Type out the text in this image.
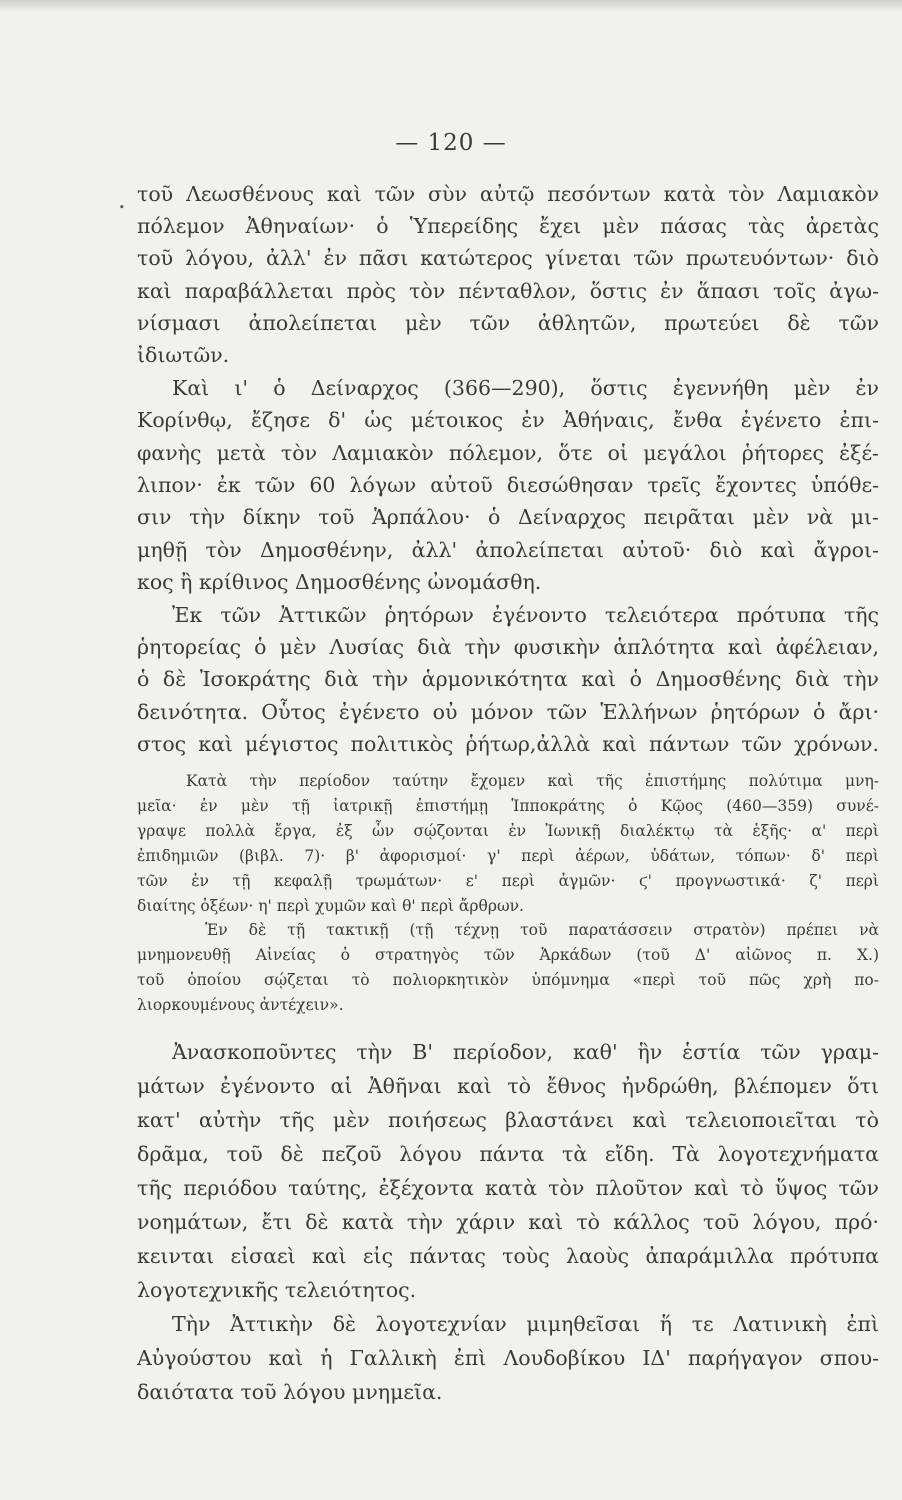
— 120 —
. τοῦ Λεωσθένους καὶ τῶν σὺν αὐτῷ πεσόντων κατὰ τὸν Λαμιακὸν
πόλεμον Ἀθηναίων· ὁ Ὑπερείδης ἔχει μὲν πάσας τὰς ἀρετὰς
τοῦ λόγου, ἀλλ' ἐν πᾶσι κατώτερος γίνεται τῶν πρωτευόντων· διὸ
καὶ παραβάλλεται πρὸς τὸν πένταθλον, ὅστις ἐν ἅπασι τοῖς ἀγω-
νίσμασι ἀπολείπεται μὲν τῶν ἀθλητῶν, πρωτεύει δὲ τῶν
ἰδιωτῶν.
Καὶ ι' ὁ Δείναρχος (366—290), ὅστις ἐγεννήθη μὲν ἐν
Κορίνθῳ, ἔζησε δ' ὡς μέτοικος ἐν Ἀθήναις, ἔνθα ἐγένετο ἐπι-
φανὴς μετὰ τὸν Λαμιακὸν πόλεμον, ὅτε οἱ μεγάλοι ῥήτορες ἐξέ-
λιπον· ἐκ τῶν 60 λόγων αὐτοῦ διεσώθησαν τρεῖς ἔχοντες ὑπόθε-
σιν τὴν δίκην τοῦ Ἁρπάλου· ὁ Δείναρχος πειρᾶται μὲν νὰ μι-
μηθῇ τὸν Δημοσθένην, ἀλλ' ἀπολείπεται αὐτοῦ· διὸ καὶ ἄγροι-
κος ἢ κρίθινος Δημοσθένης ὠνομάσθη.
Ἐκ τῶν Ἀττικῶν ῥητόρων ἐγένοντο τελειότερα πρότυπα τῆς
ῥητορείας ὁ μὲν Λυσίας διὰ τὴν φυσικὴν ἁπλότητα καὶ ἀφέλειαν,
ὁ δὲ Ἰσοκράτης διὰ τὴν ἁρμονικότητα καὶ ὁ Δημοσθένης διὰ τὴν
δεινότητα. Οὗτος ἐγένετο οὐ μόνον τῶν Ἑλλήνων ῥητόρων ὁ ἄρι·
στος καὶ μέγιστος πολιτικὸς ῥήτωρ,ἀλλὰ καὶ πάντων τῶν χρόνων.
Κατὰ τὴν περίοδον ταύτην ἔχομεν καὶ τῆς ἐπιστήμης πολύτιμα μνη-
μεῖα· ἐν μὲν τῇ ἰατρικῇ ἐπιστήμῃ Ἱπποκράτης ὁ Κῷος (460—359) συνέ-
γραψε πολλὰ ἔργα, ἐξ ὧν σῴζονται ἐν Ἰωνικῇ διαλέκτῳ τὰ ἑξῆς· α' περὶ
ἐπιδημιῶν (βιβλ. 7)· β' ἀφορισμοί· γ' περὶ ἀέρων, ὑδάτων, τόπων· δ' περὶ
τῶν ἐν τῇ κεφαλῇ τρωμάτων· ε' περὶ ἀγμῶν· ϛ' προγνωστικά· ζ' περὶ
διαίτης ὀξέων· η' περὶ χυμῶν καὶ θ' περὶ ἄρθρων.
Ἐν δὲ τῇ τακτικῇ (τῇ τέχνῃ τοῦ παρατάσσειν στρατὸν) πρέπει νὰ
μνημονευθῇ Αἰνείας ὁ στρατηγὸς τῶν Ἀρκάδων (τοῦ Δ' αἰῶνος π. Χ.)
τοῦ ὁποίου σῴζεται τὸ πολιορκητικὸν ὑπόμνημα «περὶ τοῦ πῶς χρὴ πο-
λιορκουμένους ἀντέχειν».
Ἀνασκοποῦντες τὴν Β' περίοδον, καθ' ἣν ἑστία τῶν γραμ-
μάτων ἐγένοντο αἱ Ἀθῆναι καὶ τὸ ἔθνος ἠνδρώθη, βλέπομεν ὅτι
κατ' αὐτὴν τῆς μὲν ποιήσεως βλαστάνει καὶ τελειοποιεῖται τὸ
δρᾶμα, τοῦ δὲ πεζοῦ λόγου πάντα τὰ εἴδη. Τὰ λογοτεχνήματα
τῆς περιόδου ταύτης, ἐξέχοντα κατὰ τὸν πλοῦτον καὶ τὸ ὕψος τῶν
νοημάτων, ἔτι δὲ κατὰ τὴν χάριν καὶ τὸ κάλλος τοῦ λόγου, πρό·
κεινται εἰσαεὶ καὶ εἰς πάντας τοὺς λαοὺς ἀπαράμιλλα πρότυπα
λογοτεχνικῆς τελειότητος.
Τὴν Ἀττικὴν δὲ λογοτεχνίαν μιμηθεῖσαι ἥ τε Λατινικὴ ἐπὶ
Αὐγούστου καὶ ἡ Γαλλικὴ ἐπὶ Λουδοβίκου ΙΔ' παρήγαγον σπου-
δαιότατα τοῦ λόγου μνημεῖα.
